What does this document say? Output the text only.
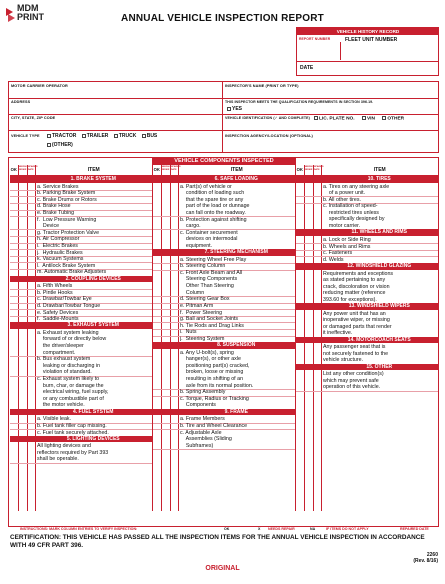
MDM
PRINT	ANNUAL VEHICLE INSPECTION REPORT
VEHICLE HISTORY RECORD
REPORT NUMBER	FLEET UNIT NUMBER
DATE
MOTOR CARRIER OPERATOR	INSPECTOR'S NAME (PRINT OR TYPE)
ADDRESS	THIS INSPECTOR MEETS THE QUALIFICATION REQUIREMENTS IN SECTION 396.19.
YES
CITY, STATE, ZIP CODE	VEHICLE IDENTIFICATION (✓ AND COMPLETE)	LIC. PLATE NO.	VIN	OTHER
VEHICLE TYPE	TRACTOR TRAILER TRUCK BUS
(OTHER)
INSPECTION AGENCY/LOCATION (OPTIONAL)
VEHICLE COMPONENTS INSPECTED
OK NEEDS REPAIR
REPAIRED DATE	ITEM
1. BRAKE SYSTEM
a. Service Brakes
b. Parking Brake System
c. Brake Drums or Rotors
d. Brake Hose
e. Brake Tubing
f.  Low Pressure Warning
Device
g. Tractor Protection Valve
h. Air Compressor
i.  Electric Brakes
j.  Hydraulic Brakes
k. Vacuum Systems
l.  Antilock Brake System
m. Automatic Brake Adjusters
2. COUPLING DEVICES
a. Fifth Wheels
b. Pintle Hooks
c. Drawbar/Towbar Eye
d. Drawbar/Towbar Tongue
e. Safety Devices
f.  Saddle-Mounts
3. EXHAUST SYSTEM
a. Exhaust system leaking
forward of or directly below
the driver/sleeper
compartment.
b. Bus exhaust system
leaking or discharging in
violation of standard.
c. Exhaust system likely to
burn, char, or damage the
electrical wiring, fuel supply,
or any combustible part of
the motor vehicle.
4. FUEL SYSTEM
a. Visible leak.
b. Fuel tank filler cap missing.
c. Fuel tank securely attached.
5. LIGHTING DEVICES
All lighting devices and
reflectors required by Part 393
shall be operable.
OK NEEDS REPAIR
REPAIRED DATE	ITEM
6. SAFE LOADING
a. Part(s) of vehicle or
condition of loading such
that the spare tire or any
part of the load or dunnage
can fall onto the roadway.
b. Protection against shifting
cargo.
c. Container securement
devices on intermodal
equipment.
7. STEERING MECHANISM
a. Steering Wheel Free Play
b. Steering Column
c. Front Axle Beam and All
Steering Components
Other Than Steering
Column
d. Steering Gear Box
e. Pitman Arm
f.  Power Steering
g. Ball and Socket Joints
h. Tie Rods and Drag Links
i.  Nuts
j.  Steering System
8. SUSPENSION
a. Any U-bolt(s), spring
hanger(s), or other axle
positioning part(s) cracked,
broken, loose or missing
resulting in shifting of an
axle from its normal position.
b. Spring Assembly
c. Torque, Radius or Tracking
Components
9. FRAME
a. Frame Members
b. Tire and Wheel Clearance
c. Adjustable Axle
Assemblies (Sliding
Subframes)
OK NEEDS REPAIR
REPAIRED DATE	ITEM
10. TIRES
a. Tires on any steering axle
of a power unit.
b. All other tires.
c. Installation of speed-
restricted tires unless
specifically designed by
motor carrier.
11. WHEELS AND RIMS
a. Lock or Side Ring
b. Wheels and Rims
c. Fasteners
d. Welds
12. WINDSHIELD GLAZING
Requirements and exceptions
as stated pertaining to any
crack, discoloration or vision
reducing matter (reference
393.60 for exceptions).
13. WINDSHIELD WIPERS
Any power unit that has an
inoperative wiper, or missing
or damaged parts that render
it ineffective.
14. MOTORCOACH SEATS
Any passenger seat that is
not securely fastened to the
vehicle structure.
15. OTHER
List any other condition(s)
which may prevent safe
operation of this vehicle.
INSTRUCTIONS: MARK COLUMN ENTRIES TO VERIFY INSPECTION:	OK	X NEEDS REPAIR	NA	IF ITEMS DO NOT APPLY	REPAIRED DATE
CERTIFICATION: THIS VEHICLE HAS PASSED ALL THE INSPECTION ITEMS FOR THE ANNUAL VEHICLE INSPECTION IN ACCORDANCE WITH 49 CFR PART 396.
2260
(Rev. 8/16)
ORIGINAL
